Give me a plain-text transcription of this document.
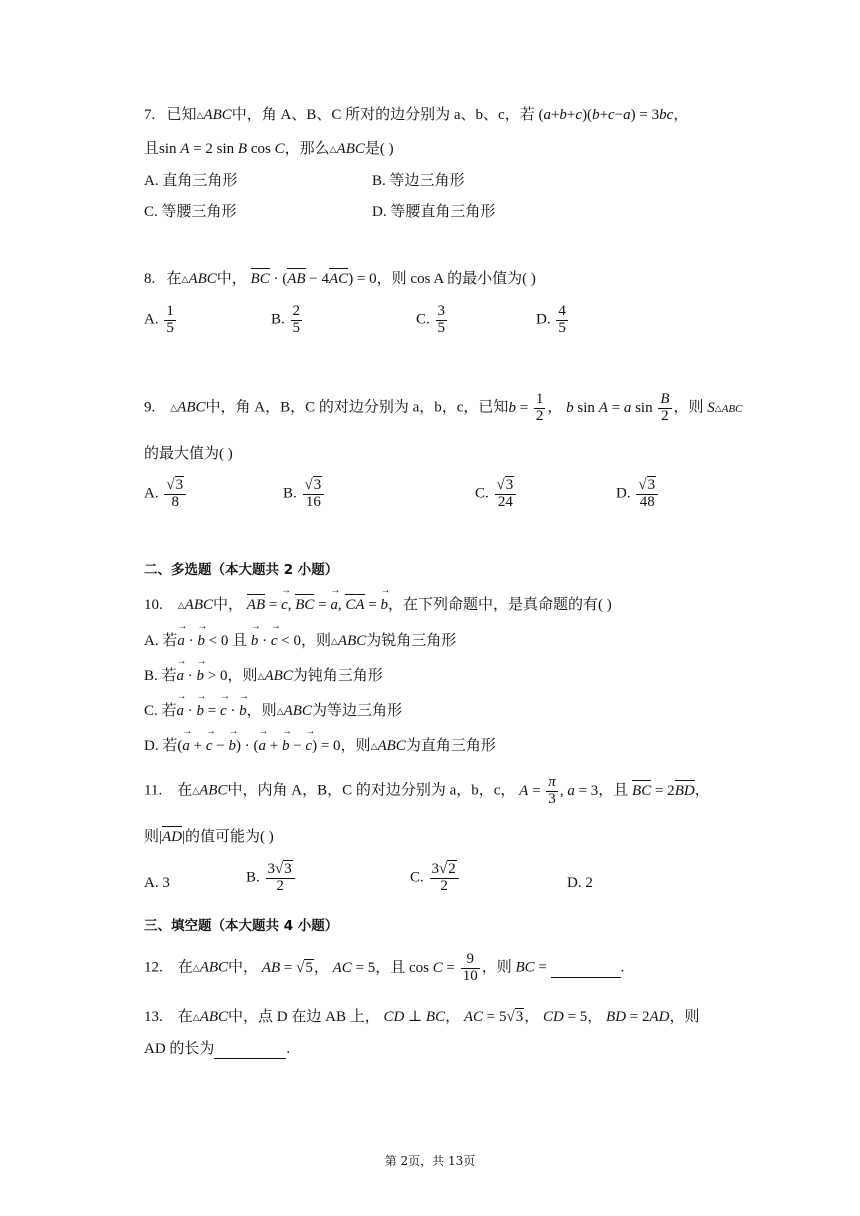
7. 已知△ABC中，角 A、B、C 所对的边分别为 a、b、c，若 (a+b+c)(b+c−a) = 3bc，
且sin A = 2 sin B cos C，那么△ABC是( )
A. 直角三角形	B. 等边三角形
C. 等腰三角形	D. 等腰直角三角形
8. 在△ABC中， BC · (AB − 4AC) = 0，则 cos A 的最小值为( )
A. $\frac{1}{5}$	B. $\frac{2}{5}$	C. $\frac{3}{5}$	D. $\frac{4}{5}$
9. △ABC中，角 A，B，C 的对边分别为 a，b，c，已知$b = \frac{1}{2}$ ， b sin A = a $\sin \frac{B}{2}$ ，则 S△ABC
的最大值为( )
A. $\frac{√3}{8}$	B. $\frac{√3}{16}$	C. $\frac{√3}{24}$	D. $\frac{√3}{48}$
二、多选题（本大题共 2 小题）
10. △ABC中， AB = → c, BC = → a, CA = → b，在下列命题中，是真命题的有( )
A. 若→ a · → b < 0 且 → b · → c < 0，则△ABC为锐角三角形
B. 若→ a · → b > 0，则△ABC为钝角三角形
C. 若→ a · → b = → c · → b，则△ABC为等边三角形
D. 若(→ a + → c − → b) · (→ a + → b − → c) = 0，则△ABC为直角三角形
11. 在△ABC中，内角 A，B，C 的对边分别为 a，b，c， $A = \frac{\pi}{3}$ , a = 3，且 BC = 2BD，
则|AD|的值可能为( )
A. 3	B. $\frac{3√3}{2}$	C. $\frac{3√2}{2}$	D. 2
三、填空题（本大题共 4 小题）
12. 在△ABC中， AB = √5， AC = 5，且 $\cos C = \frac{9}{10}$ ，则 BC =	.
13. 在△ABC中，点 D 在边 AB 上， CD ⊥ BC， AC = 5√3， CD = 5， BD = 2AD，则
AD 的长为	.
第 2页，共 13页
